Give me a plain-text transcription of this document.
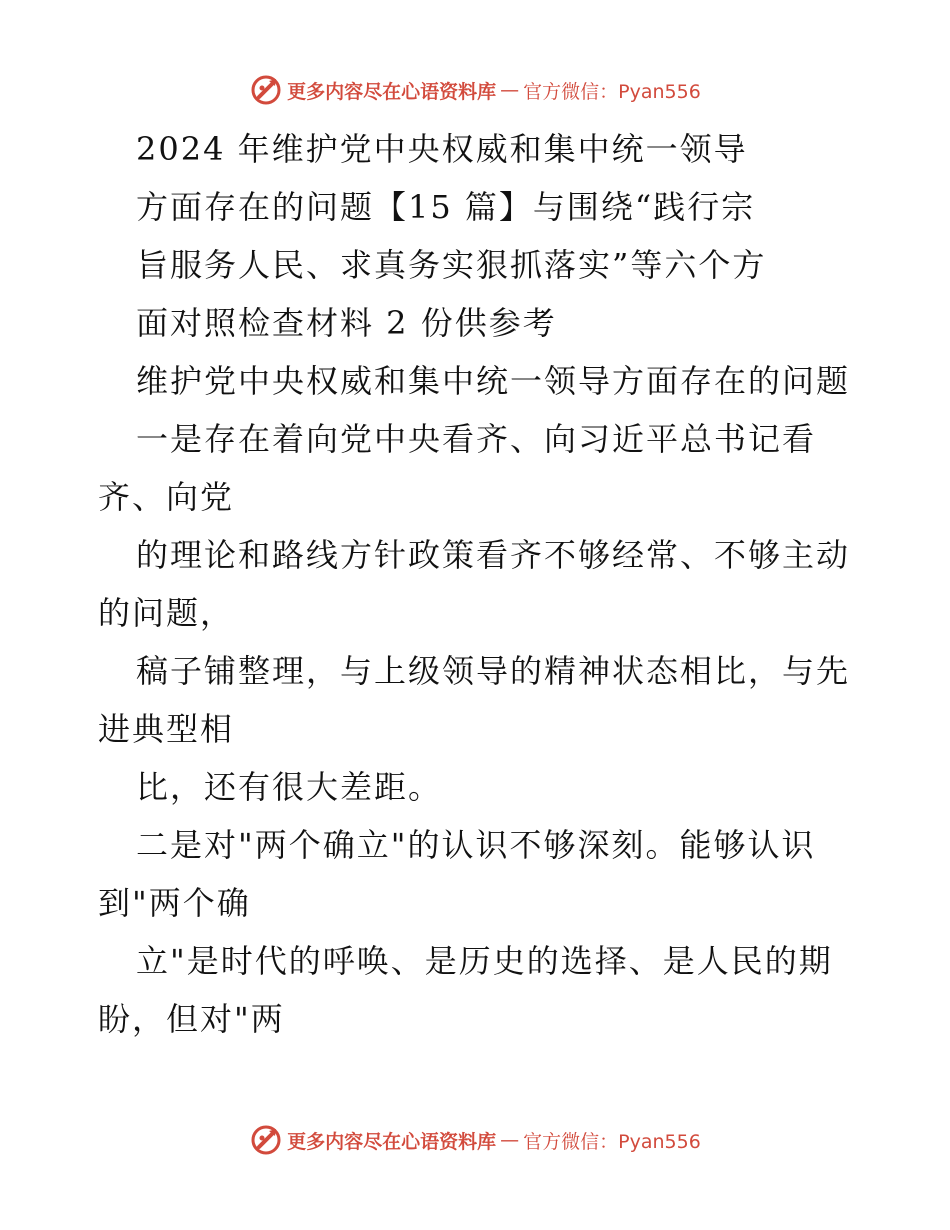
更多内容尽在心语资料库 — 官方微信：Pyan556
2024 年维护党中央权威和集中统一领导
方面存在的问题【15 篇】与围绕“践行宗
旨服务人民、求真务实狠抓落实”等六个方
面对照检查材料 2 份供参考
维护党中央权威和集中统一领导方面存在的问题
一是存在着向党中央看齐、向习近平总书记看
齐、向党
的理论和路线方针政策看齐不够经常、不够主动
的问题，
稿子铺整理，与上级领导的精神状态相比，与先
进典型相
比，还有很大差距。
二是对"两个确立"的认识不够深刻。能够认识
到"两个确
立"是时代的呼唤、是历史的选择、是人民的期
盼，但对"两
更多内容尽在心语资料库 — 官方微信：Pyan556
